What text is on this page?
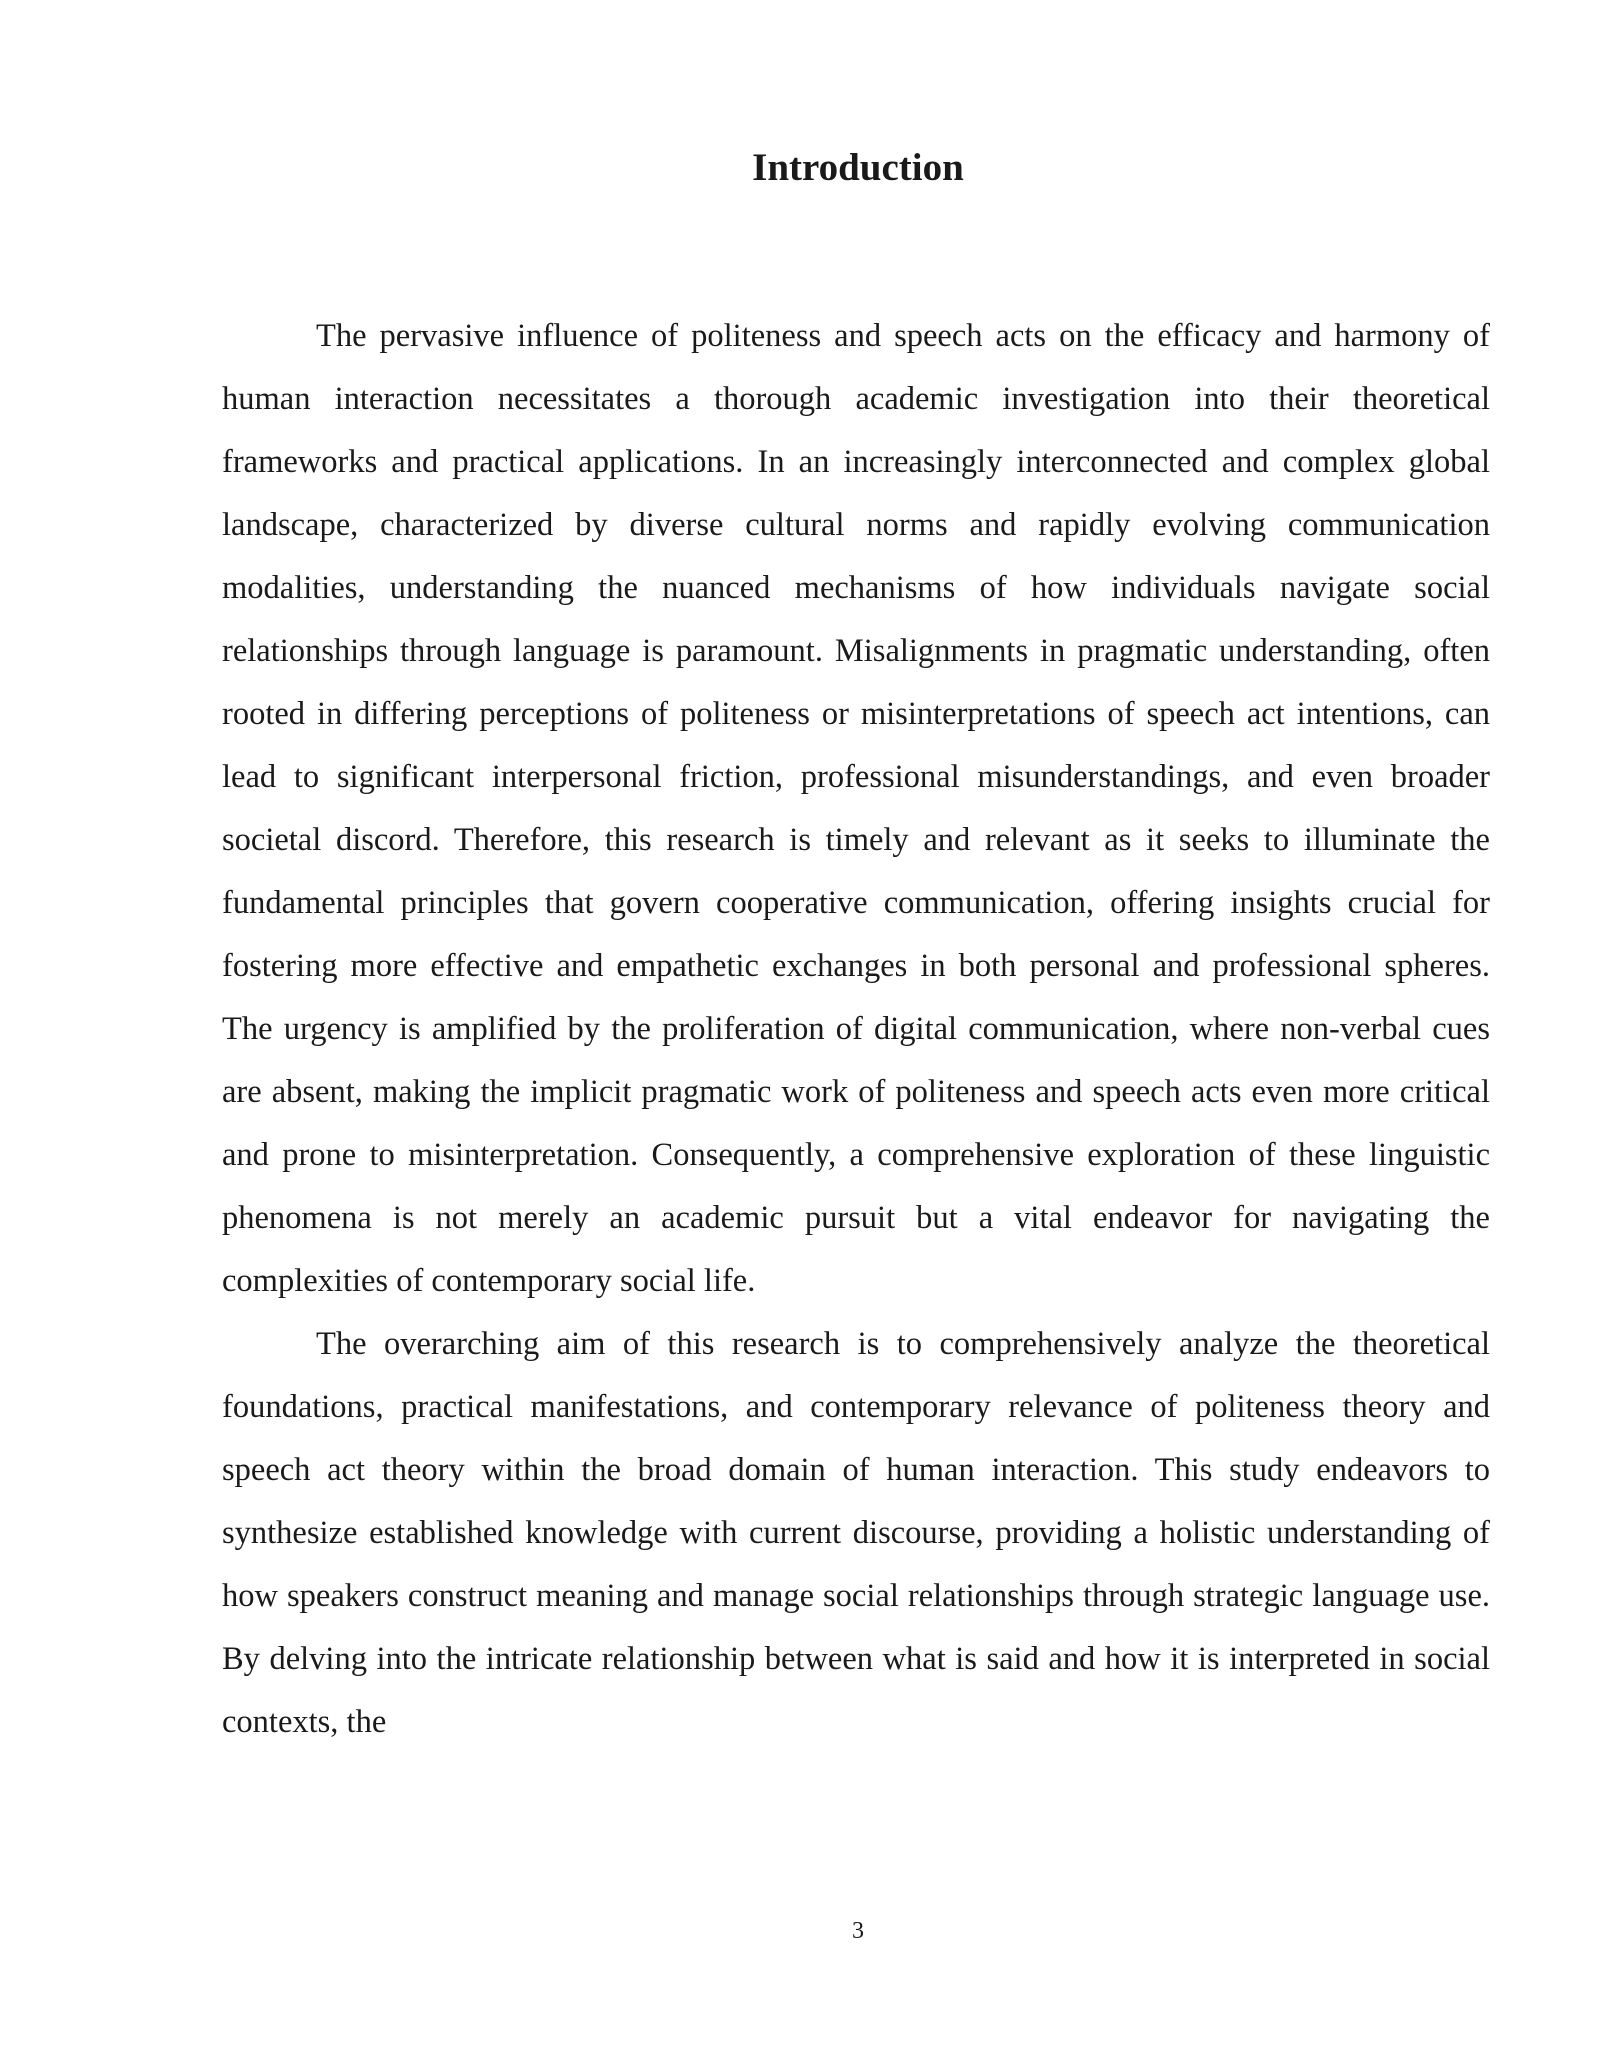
Introduction

The pervasive influence of politeness and speech acts on the efficacy and harmony of human interaction necessitates a thorough academic investigation into their theoretical frameworks and practical applications. In an increasingly interconnected and complex global landscape, characterized by diverse cultural norms and rapidly evolving communication modalities, understanding the nuanced mechanisms of how individuals navigate social relationships through language is paramount. Misalignments in pragmatic understanding, often rooted in differing perceptions of politeness or misinterpretations of speech act intentions, can lead to significant interpersonal friction, professional misunderstandings, and even broader societal discord. Therefore, this research is timely and relevant as it seeks to illuminate the fundamental principles that govern cooperative communication, offering insights crucial for fostering more effective and empathetic exchanges in both personal and professional spheres. The urgency is amplified by the proliferation of digital communication, where non-verbal cues are absent, making the implicit pragmatic work of politeness and speech acts even more critical and prone to misinterpretation. Consequently, a comprehensive exploration of these linguistic phenomena is not merely an academic pursuit but a vital endeavor for navigating the complexities of contemporary social life.

The overarching aim of this research is to comprehensively analyze the theoretical foundations, practical manifestations, and contemporary relevance of politeness theory and speech act theory within the broad domain of human interaction. This study endeavors to synthesize established knowledge with current discourse, providing a holistic understanding of how speakers construct meaning and manage social relationships through strategic language use. By delving into the intricate relationship between what is said and how it is interpreted in social contexts, the

3
